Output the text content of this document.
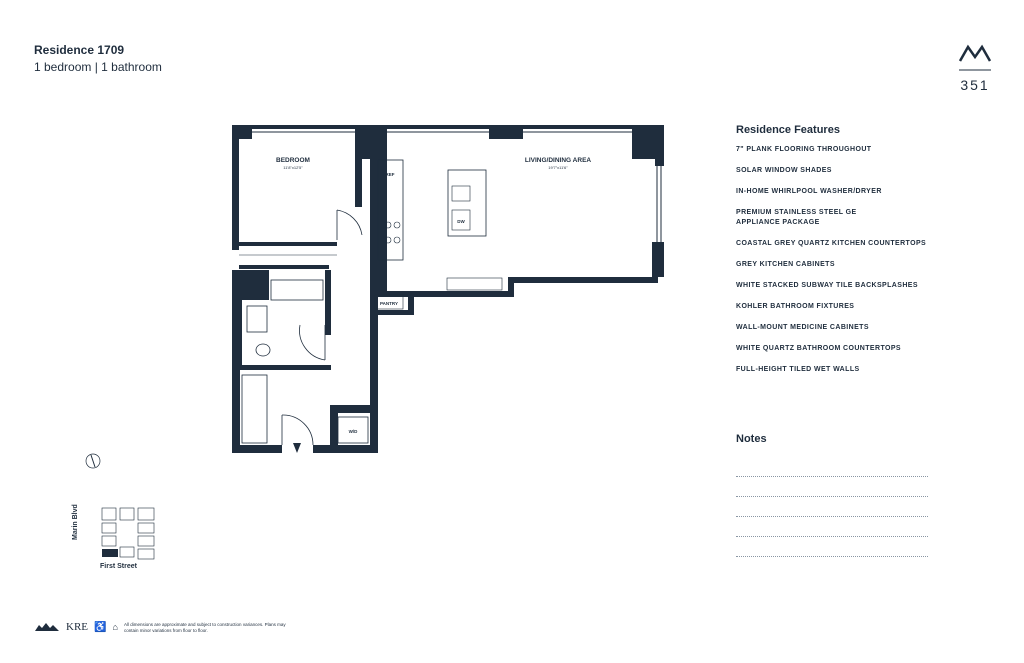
Residence 1709
1 bedroom | 1 bathroom
351
BEDROOM
11'8"x12'5"
LIVING/DINING AREA
19'7"x11'6"
REF
DW
PANTRY
W/D
Residence Features
7" PLANK FLOORING THROUGHOUT
SOLAR WINDOW SHADES
IN-HOME WHIRLPOOL WASHER/DRYER
PREMIUM STAINLESS STEEL GE APPLIANCE PACKAGE
COASTAL GREY QUARTZ KITCHEN COUNTERTOPS
GREY KITCHEN CABINETS
WHITE STACKED SUBWAY TILE BACKSPLASHES
KOHLER BATHROOM FIXTURES
WALL-MOUNT MEDICINE CABINETS
WHITE QUARTZ BATHROOM COUNTERTOPS
FULL-HEIGHT TILED WET WALLS
Notes
First Street
Marin Blvd
KRE ♿ ⌂ All dimensions are approximate and subject to construction variances. Plans may contain minor variations from floor to floor.
